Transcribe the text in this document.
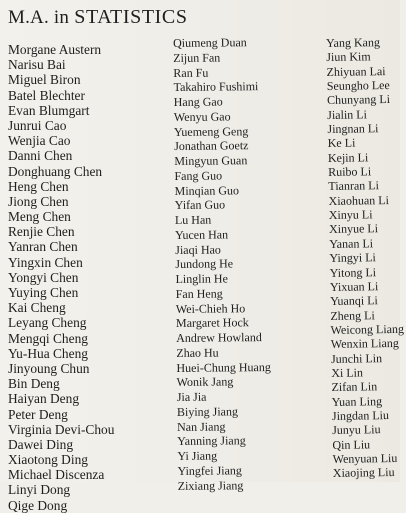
M.A. in STATISTICS
Morgane Austern
Narisu Bai
Miguel Biron
Batel Blechter
Evan Blumgart
Junrui Cao
Wenjia Cao
Danni Chen
Donghuang Chen
Heng Chen
Jiong Chen
Meng Chen
Renjie Chen
Yanran Chen
Yingxin Chen
Yongyi Chen
Yuying Chen
Kai Cheng
Leyang Cheng
Mengqi Cheng
Yu-Hua Cheng
Jinyoung Chun
Bin Deng
Haiyan Deng
Peter Deng
Virginia Devi-Chou
Dawei Ding
Xiaotong Ding
Michael Discenza
Linyi Dong
Qige Dong
Qiumeng Duan
Zijun Fan
Ran Fu
Takahiro Fushimi
Hang Gao
Wenyu Gao
Yuemeng Geng
Jonathan Goetz
Mingyun Guan
Fang Guo
Minqian Guo
Yifan Guo
Lu Han
Yucen Han
Jiaqi Hao
Jundong He
Linglin He
Fan Heng
Wei-Chieh Ho
Margaret Hock
Andrew Howland
Zhao Hu
Huei-Chung Huang
Wonik Jang
Jia Jia
Biying Jiang
Nan Jiang
Yanning Jiang
Yi Jiang
Yingfei Jiang
Zixiang Jiang
Yang Kang
Jiun Kim
Zhiyuan Lai
Seungho Lee
Chunyang Li
Jialin Li
Jingnan Li
Ke Li
Kejin Li
Ruibo Li
Tianran Li
Xiaohuan Li
Xinyu Li
Xinyue Li
Yanan Li
Yingyi Li
Yitong Li
Yixuan Li
Yuanqi Li
Zheng Li
Weicong Liang
Wenxin Liang
Junchi Lin
Xi Lin
Zifan Lin
Yuan Ling
Jingdan Liu
Junyu Liu
Qin Liu
Wenyuan Liu
Xiaojing Liu
